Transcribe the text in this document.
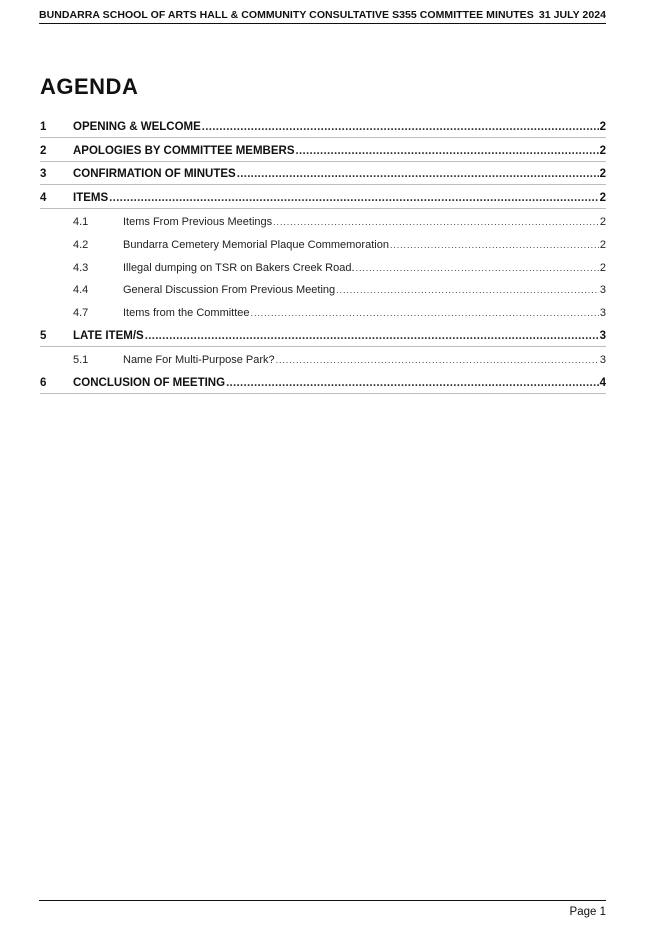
BUNDARRA SCHOOL OF ARTS HALL & COMMUNITY CONSULTATIVE S355 COMMITTEE MINUTES 31 JULY 2024
AGENDA
1	OPENING & WELCOME .....	2
2	APOLOGIES BY COMMITTEE MEMBERS .....	2
3	CONFIRMATION OF MINUTES .....	2
4	ITEMS .....	2
4.1	Items From Previous Meetings .....	2
4.2	Bundarra Cemetery Memorial Plaque Commemoration .....	2
4.3	Illegal dumping on TSR on Bakers Creek Road. .....	2
4.4	General Discussion From Previous Meeting .....	3
4.7	Items from the Committee .....	3
5	LATE ITEM/S .....	3
5.1	Name For Multi-Purpose Park? .....	3
6	CONCLUSION OF MEETING .....	4
Page 1
